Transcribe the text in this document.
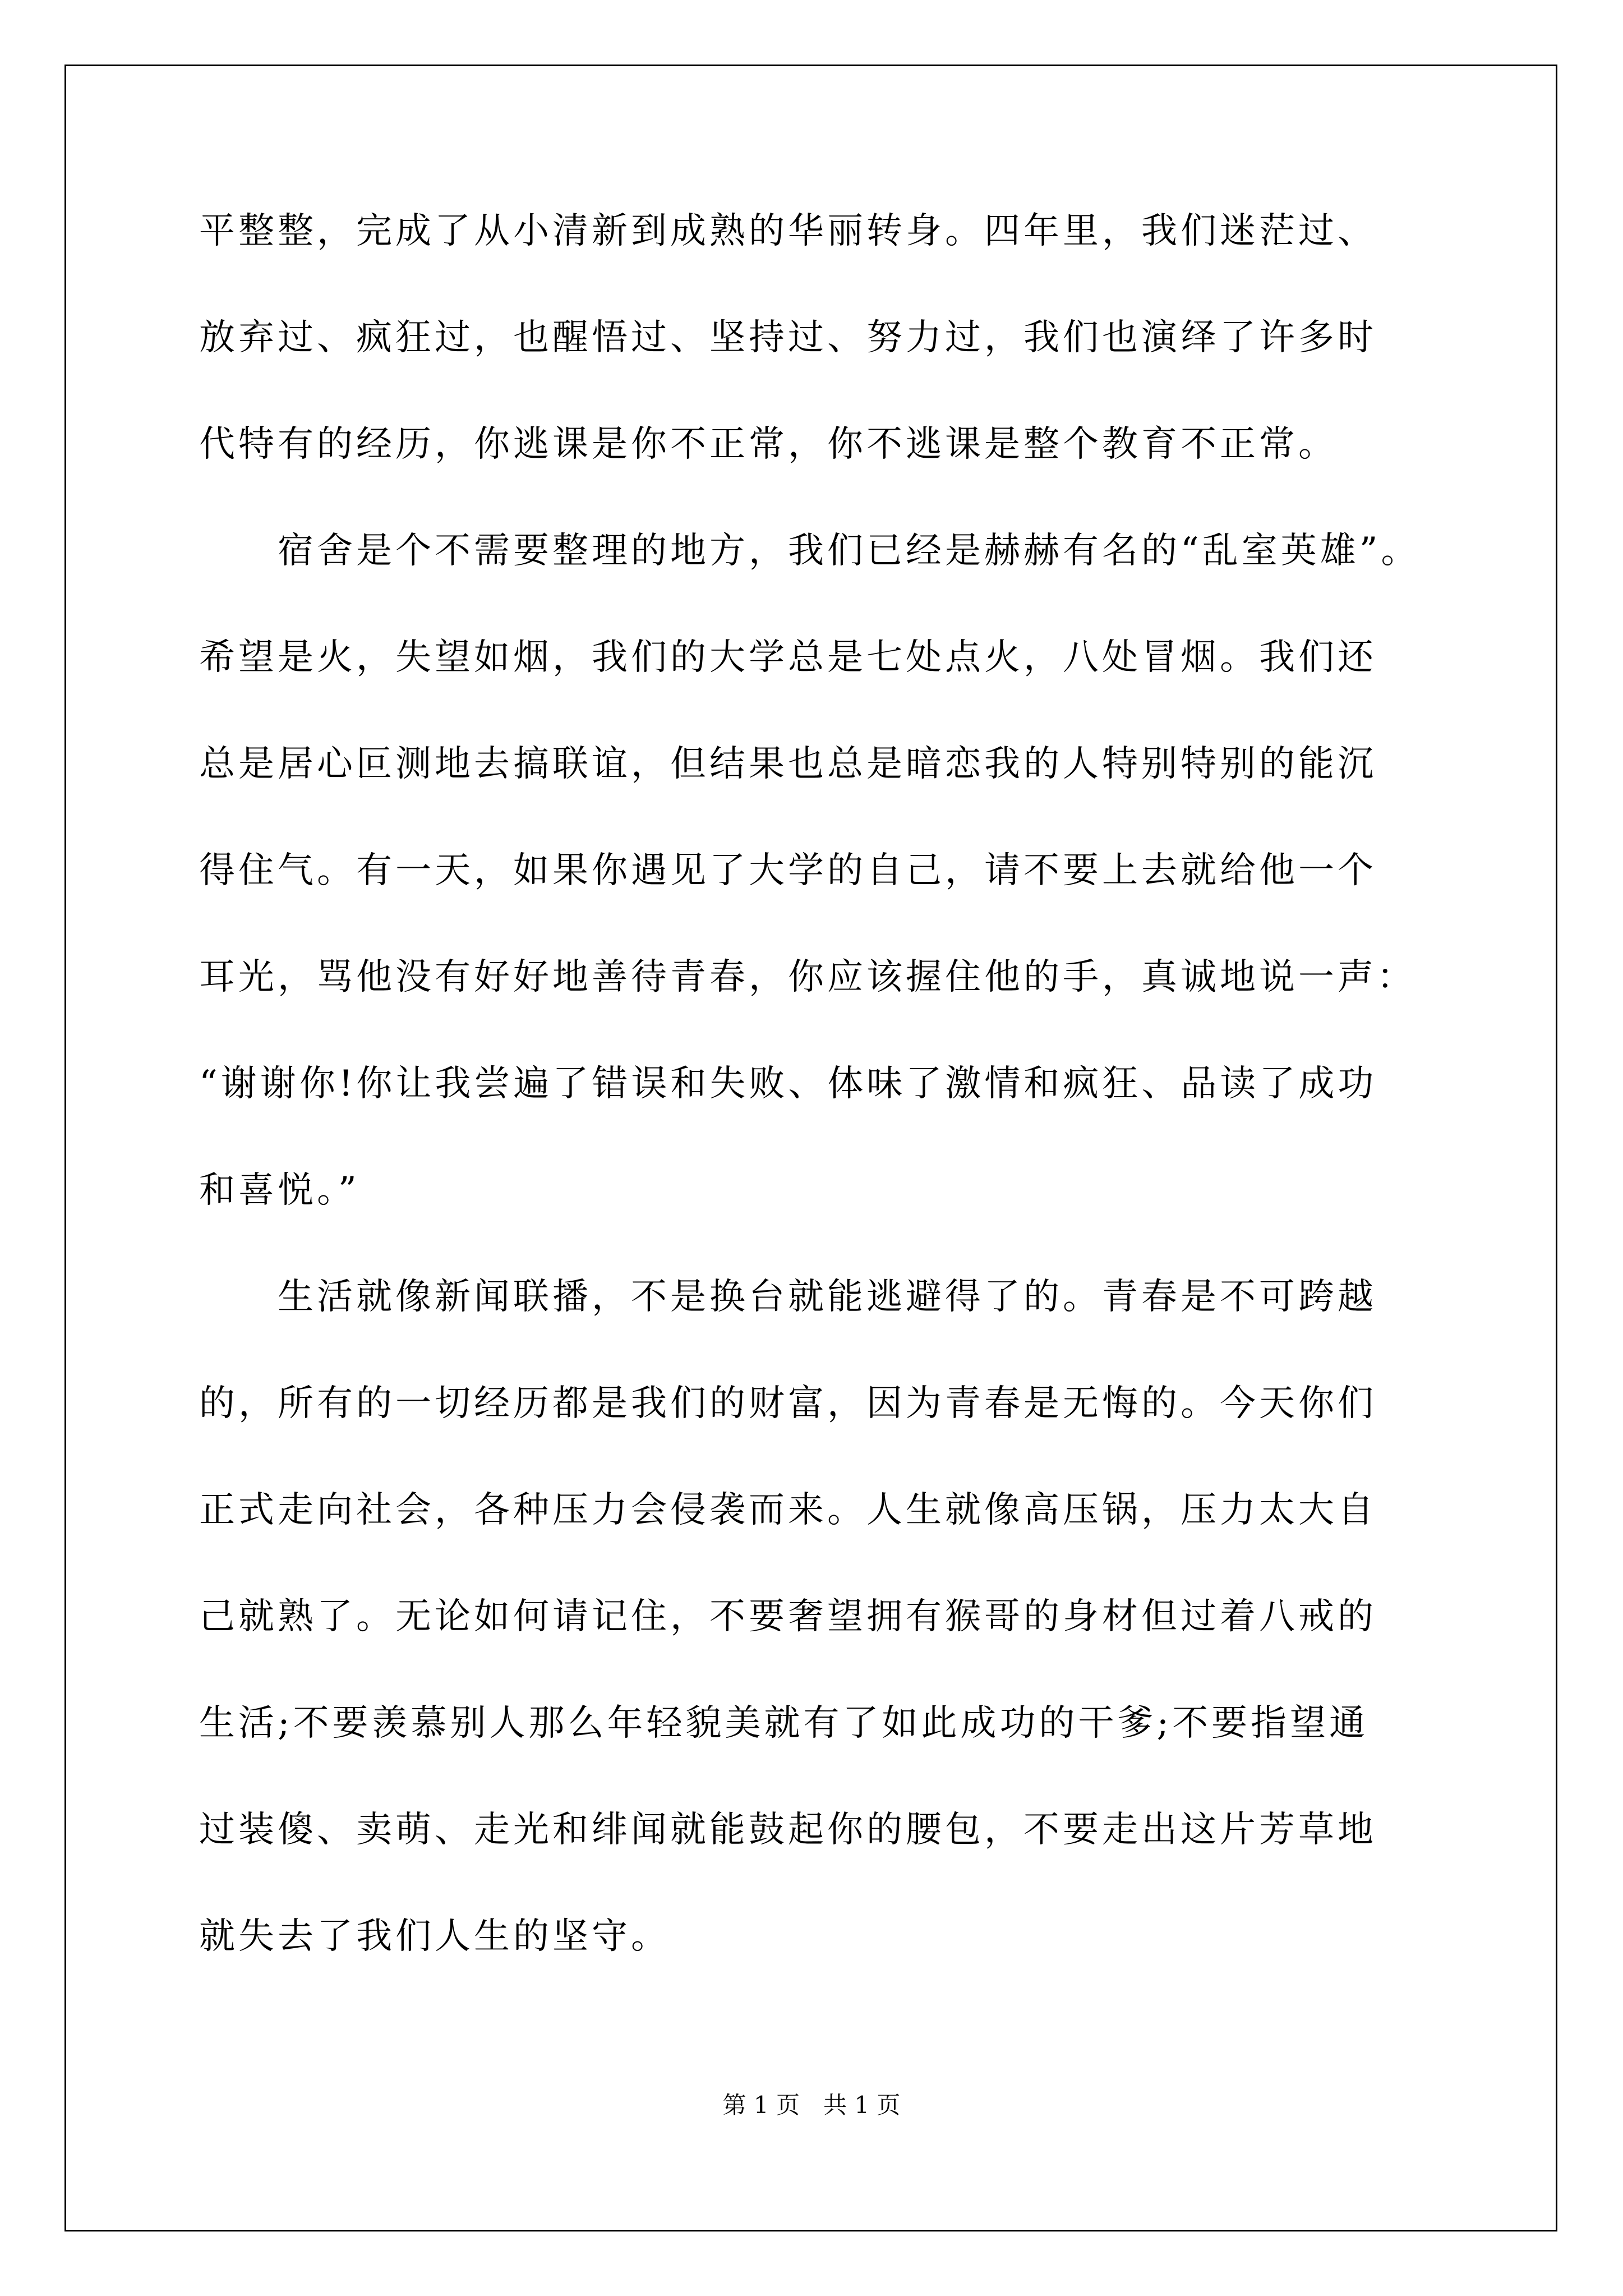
平整整，完成了从小清新到成熟的华丽转身。四年里，我们迷茫过、
放弃过、疯狂过，也醒悟过、坚持过、努力过，我们也演绎了许多时
代特有的经历，你逃课是你不正常，你不逃课是整个教育不正常。
宿舍是个不需要整理的地方，我们已经是赫赫有名的“乱室英雄”。
希望是火，失望如烟，我们的大学总是七处点火，八处冒烟。我们还
总是居心叵测地去搞联谊，但结果也总是暗恋我的人特别特别的能沉
得住气。有一天，如果你遇见了大学的自己，请不要上去就给他一个
耳光，骂他没有好好地善待青春，你应该握住他的手，真诚地说一声：
“谢谢你!你让我尝遍了错误和失败、体味了激情和疯狂、品读了成功
和喜悦。”
生活就像新闻联播，不是换台就能逃避得了的。青春是不可跨越
的，所有的一切经历都是我们的财富，因为青春是无悔的。今天你们
正式走向社会，各种压力会侵袭而来。人生就像高压锅，压力太大自
己就熟了。无论如何请记住，不要奢望拥有猴哥的身材但过着八戒的
生活;不要羡慕别人那么年轻貌美就有了如此成功的干爹;不要指望通
过装傻、卖萌、走光和绯闻就能鼓起你的腰包，不要走出这片芳草地
就失去了我们人生的坚守。
第 1 页　共 1 页
